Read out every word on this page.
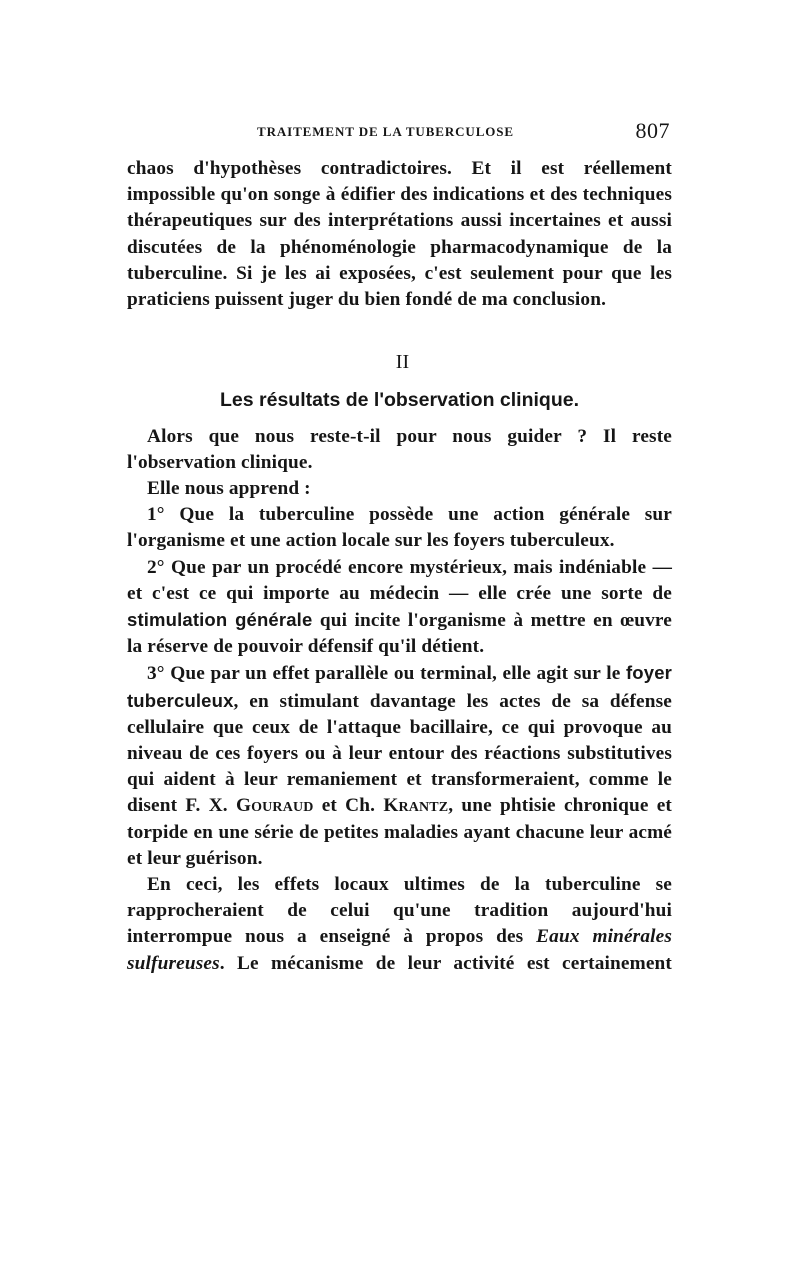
TRAITEMENT DE LA TUBERCULOSE	807

chaos d'hypothèses contradictoires. Et il est réellement impossible qu'on songe à édifier des indications et des techniques thérapeutiques sur des interprétations aussi incertaines et aussi discutées de la phénoménologie pharmacodynamique de la tuberculine. Si je les ai exposées, c'est seulement pour que les praticiens puissent juger du bien fondé de ma conclusion.

II

Les résultats de l'observation clinique.

Alors que nous reste-t-il pour nous guider ? Il reste l'observation clinique.

Elle nous apprend :

1° Que la tuberculine possède une action générale sur l'organisme et une action locale sur les foyers tuberculeux.

2° Que par un procédé encore mystérieux, mais indéniable — et c'est ce qui importe au médecin — elle crée une sorte de stimulation générale qui incite l'organisme à mettre en œuvre la réserve de pouvoir défensif qu'il détient.

3° Que par un effet parallèle ou terminal, elle agit sur le foyer tuberculeux, en stimulant davantage les actes de sa défense cellulaire que ceux de l'attaque bacillaire, ce qui provoque au niveau de ces foyers ou à leur entour des réactions substitutives qui aident à leur remaniement et transformeraient, comme le disent F. X. Gouraud et Ch. Krantz, une phtisie chronique et torpide en une série de petites maladies ayant chacune leur acmé et leur guérison.

En ceci, les effets locaux ultimes de la tuberculine se rapprocheraient de celui qu'une tradition aujourd'hui interrompue nous a enseigné à propos des Eaux minérales sulfureuses. Le mécanisme de leur activité est certainement
